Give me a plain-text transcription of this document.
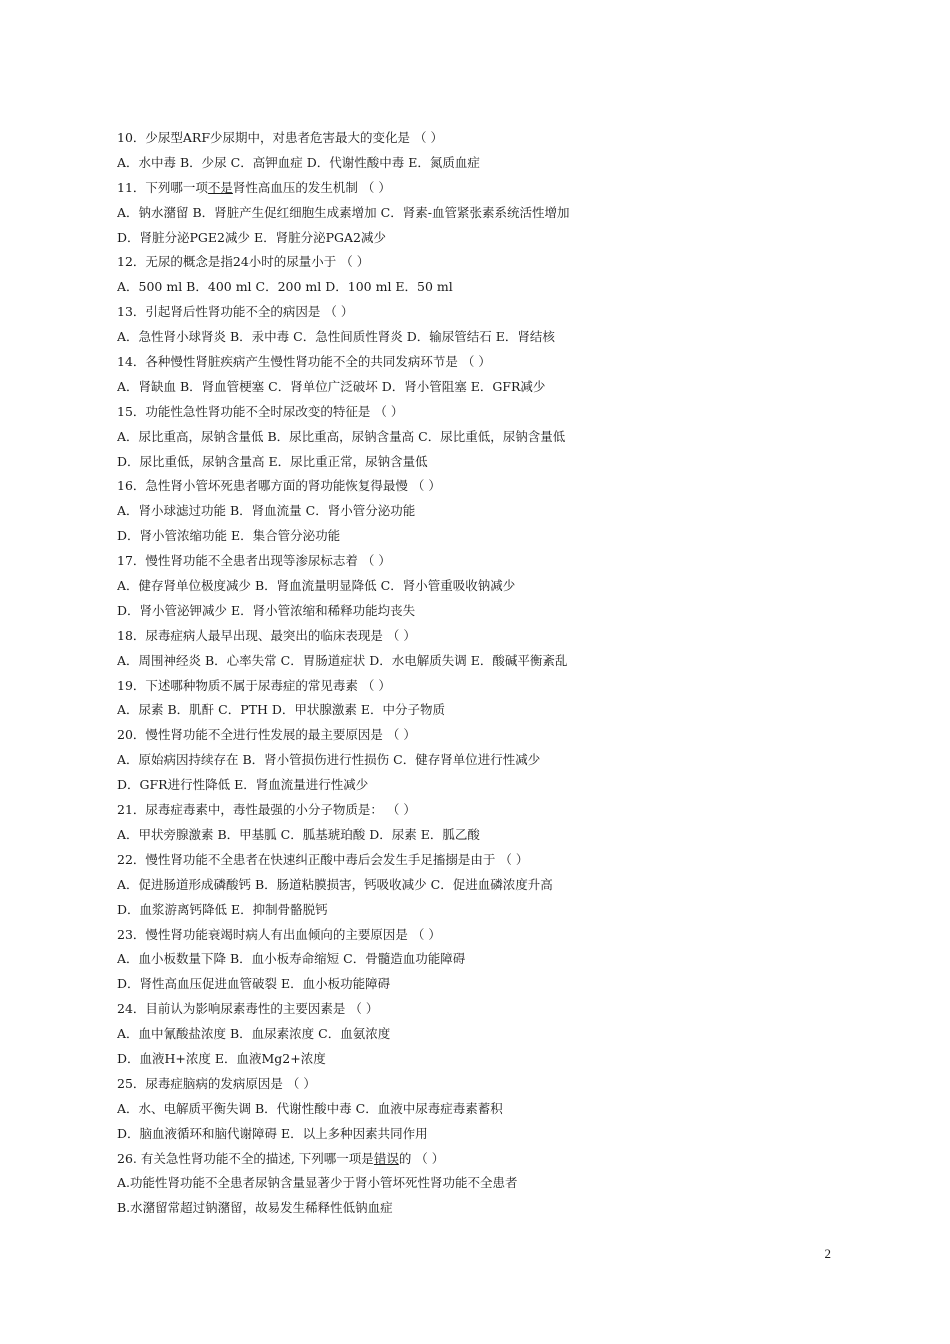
10．少尿型ARF少尿期中，对患者危害最大的变化是 （ ）
A．水中毒 B．少尿 C．高钾血症 D．代谢性酸中毒 E．氮质血症
11．下列哪一项不是肾性高血压的发生机制 （ ）
A．钠水潴留 B．肾脏产生促红细胞生成素增加 C．肾素-血管紧张素系统活性增加
D．肾脏分泌PGE2减少 E．肾脏分泌PGA2减少
12．无尿的概念是指24小时的尿量小于 （ ）
A．500 ml B．400 ml C．200 ml D．100 ml E．50 ml
13．引起肾后性肾功能不全的病因是 （ ）
A．急性肾小球肾炎 B．汞中毒 C．急性间质性肾炎 D．输尿管结石 E．肾结核
14．各种慢性肾脏疾病产生慢性肾功能不全的共同发病环节是 （ ）
A．肾缺血 B．肾血管梗塞 C．肾单位广泛破坏 D．肾小管阻塞 E．GFR减少
15．功能性急性肾功能不全时尿改变的特征是 （ ）
A．尿比重高，尿钠含量低 B．尿比重高，尿钠含量高 C．尿比重低，尿钠含量低
D．尿比重低，尿钠含量高 E．尿比重正常，尿钠含量低
16．急性肾小管坏死患者哪方面的肾功能恢复得最慢 （ ）
A．肾小球滤过功能 B．肾血流量 C．肾小管分泌功能
D．肾小管浓缩功能 E．集合管分泌功能
17．慢性肾功能不全患者出现等渗尿标志着 （ ）
A．健存肾单位极度减少 B．肾血流量明显降低 C．肾小管重吸收钠减少
D．肾小管泌钾减少 E．肾小管浓缩和稀释功能均丧失
18．尿毒症病人最早出现、最突出的临床表现是 （ ）
A．周围神经炎 B．心率失常 C．胃肠道症状 D．水电解质失调 E．酸碱平衡紊乱
19．下述哪种物质不属于尿毒症的常见毒素 （ ）
A．尿素 B．肌酐 C．PTH D．甲状腺激素 E．中分子物质
20．慢性肾功能不全进行性发展的最主要原因是 （ ）
A．原始病因持续存在 B．肾小管损伤进行性损伤 C．健存肾单位进行性减少
D．GFR进行性降低 E．肾血流量进行性减少
21．尿毒症毒素中，毒性最强的小分子物质是： （ ）
A．甲状旁腺激素 B．甲基胍 C．胍基琥珀酸 D．尿素 E．胍乙酸
22．慢性肾功能不全患者在快速纠正酸中毒后会发生手足搐搦是由于 （ ）
A．促进肠道形成磷酸钙 B．肠道粘膜损害，钙吸收减少 C．促进血磷浓度升高
D．血浆游离钙降低 E．抑制骨骼脱钙
23．慢性肾功能衰竭时病人有出血倾向的主要原因是 （ ）
A．血小板数量下降 B．血小板寿命缩短 C．骨髓造血功能障碍
D．肾性高血压促进血管破裂 E．血小板功能障碍
24．目前认为影响尿素毒性的主要因素是 （ ）
A．血中氰酸盐浓度 B．血尿素浓度 C．血氨浓度
D．血液H+浓度 E．血液Mg2+浓度
25．尿毒症脑病的发病原因是 （ ）
A．水、电解质平衡失调 B．代谢性酸中毒 C．血液中尿毒症毒素蓄积
D．脑血液循环和脑代谢障碍 E．以上多种因素共同作用
26. 有关急性肾功能不全的描述, 下列哪一项是错误的 （ ）
A.功能性肾功能不全患者尿钠含量显著少于肾小管坏死性肾功能不全患者
B.水潴留常超过钠潴留，故易发生稀释性低钠血症
2
